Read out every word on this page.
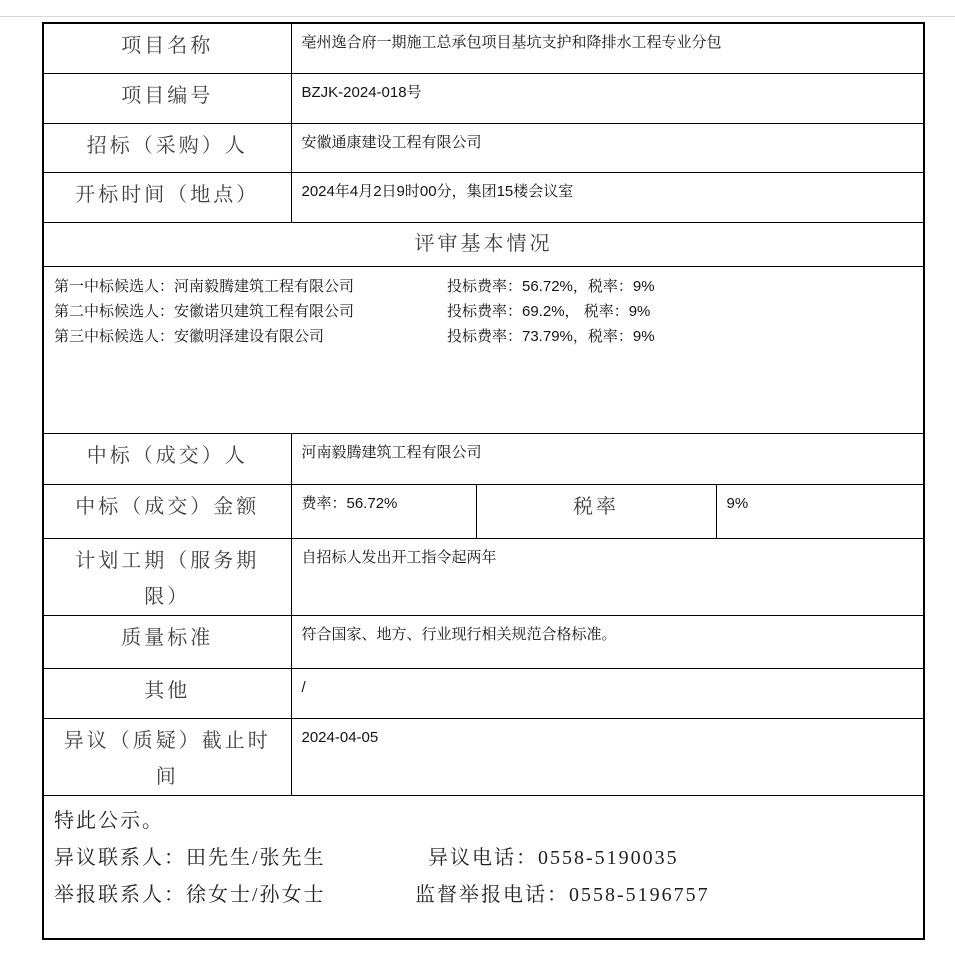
项目名称	亳州逸合府一期施工总承包项目基坑支护和降排水工程专业分包		
项目编号	BZJK-2024-018号		
招标（采购）人	安徽通康建设工程有限公司		
开标时间（地点）	2024年4月2日9时00分，集团15楼会议室		
评审基本情况			

第一中标候选人：河南毅腾建筑工程有限公司	投标费率：56.72%，税率：9%
第二中标候选人：安徽诺贝建筑工程有限公司	投标费率：69.2%， 税率：9%
第三中标候选人：安徽明泽建设有限公司	投标费率：73.79%，税率：9%

中标（成交）人	河南毅腾建筑工程有限公司		
中标（成交）金额	费率：56.72%	税率	9%
计划工期（服务期限）	自招标人发出开工指令起两年		
质量标准	符合国家、地方、行业现行相关规范合格标准。		
其他	/		
异议（质疑）截止时间	2024-04-05		

特此公示。
异议联系人：田先生/张先生 异议电话：0558-5190035
举报联系人：徐女士/孙女士 监督举报电话：0558-5196757			
